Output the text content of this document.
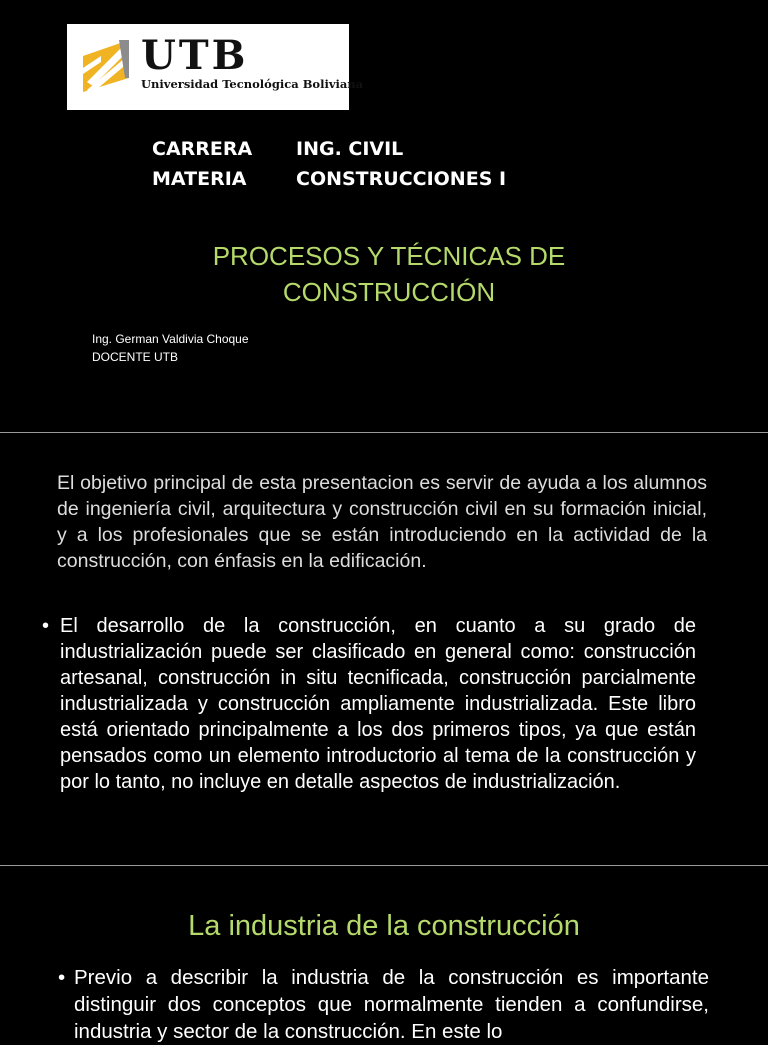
UTB
Universidad Tecnológica Boliviana
CARRERA ING. CIVIL
MATERIA	CONSTRUCCIONES I
PROCESOS Y TÉCNICAS DE
CONSTRUCCIÓN
Ing. German Valdivia Choque
DOCENTE UTB
El objetivo principal de esta presentacion es servir de ayuda a los alumnos de ingeniería civil, arquitectura y construcción civil en su formación inicial, y a los profesionales que se están introduciendo en la actividad de la construcción, con énfasis en la edificación.
• El desarrollo de la construcción, en cuanto a su grado de industrialización puede ser clasificado en general como: construcción artesanal, construcción in situ tecnificada, construcción parcialmente industrializada y construcción ampliamente industrializada. Este libro está orientado principalmente a los dos primeros tipos, ya que están pensados como un elemento introductorio al tema de la construcción y por lo tanto, no incluye en detalle aspectos de industrialización.
La industria de la construcción
• Previo a describir la industria de la construcción es importante distinguir dos conceptos que normalmente tienden a confundirse, industria y sector de la construcción. En este lo
